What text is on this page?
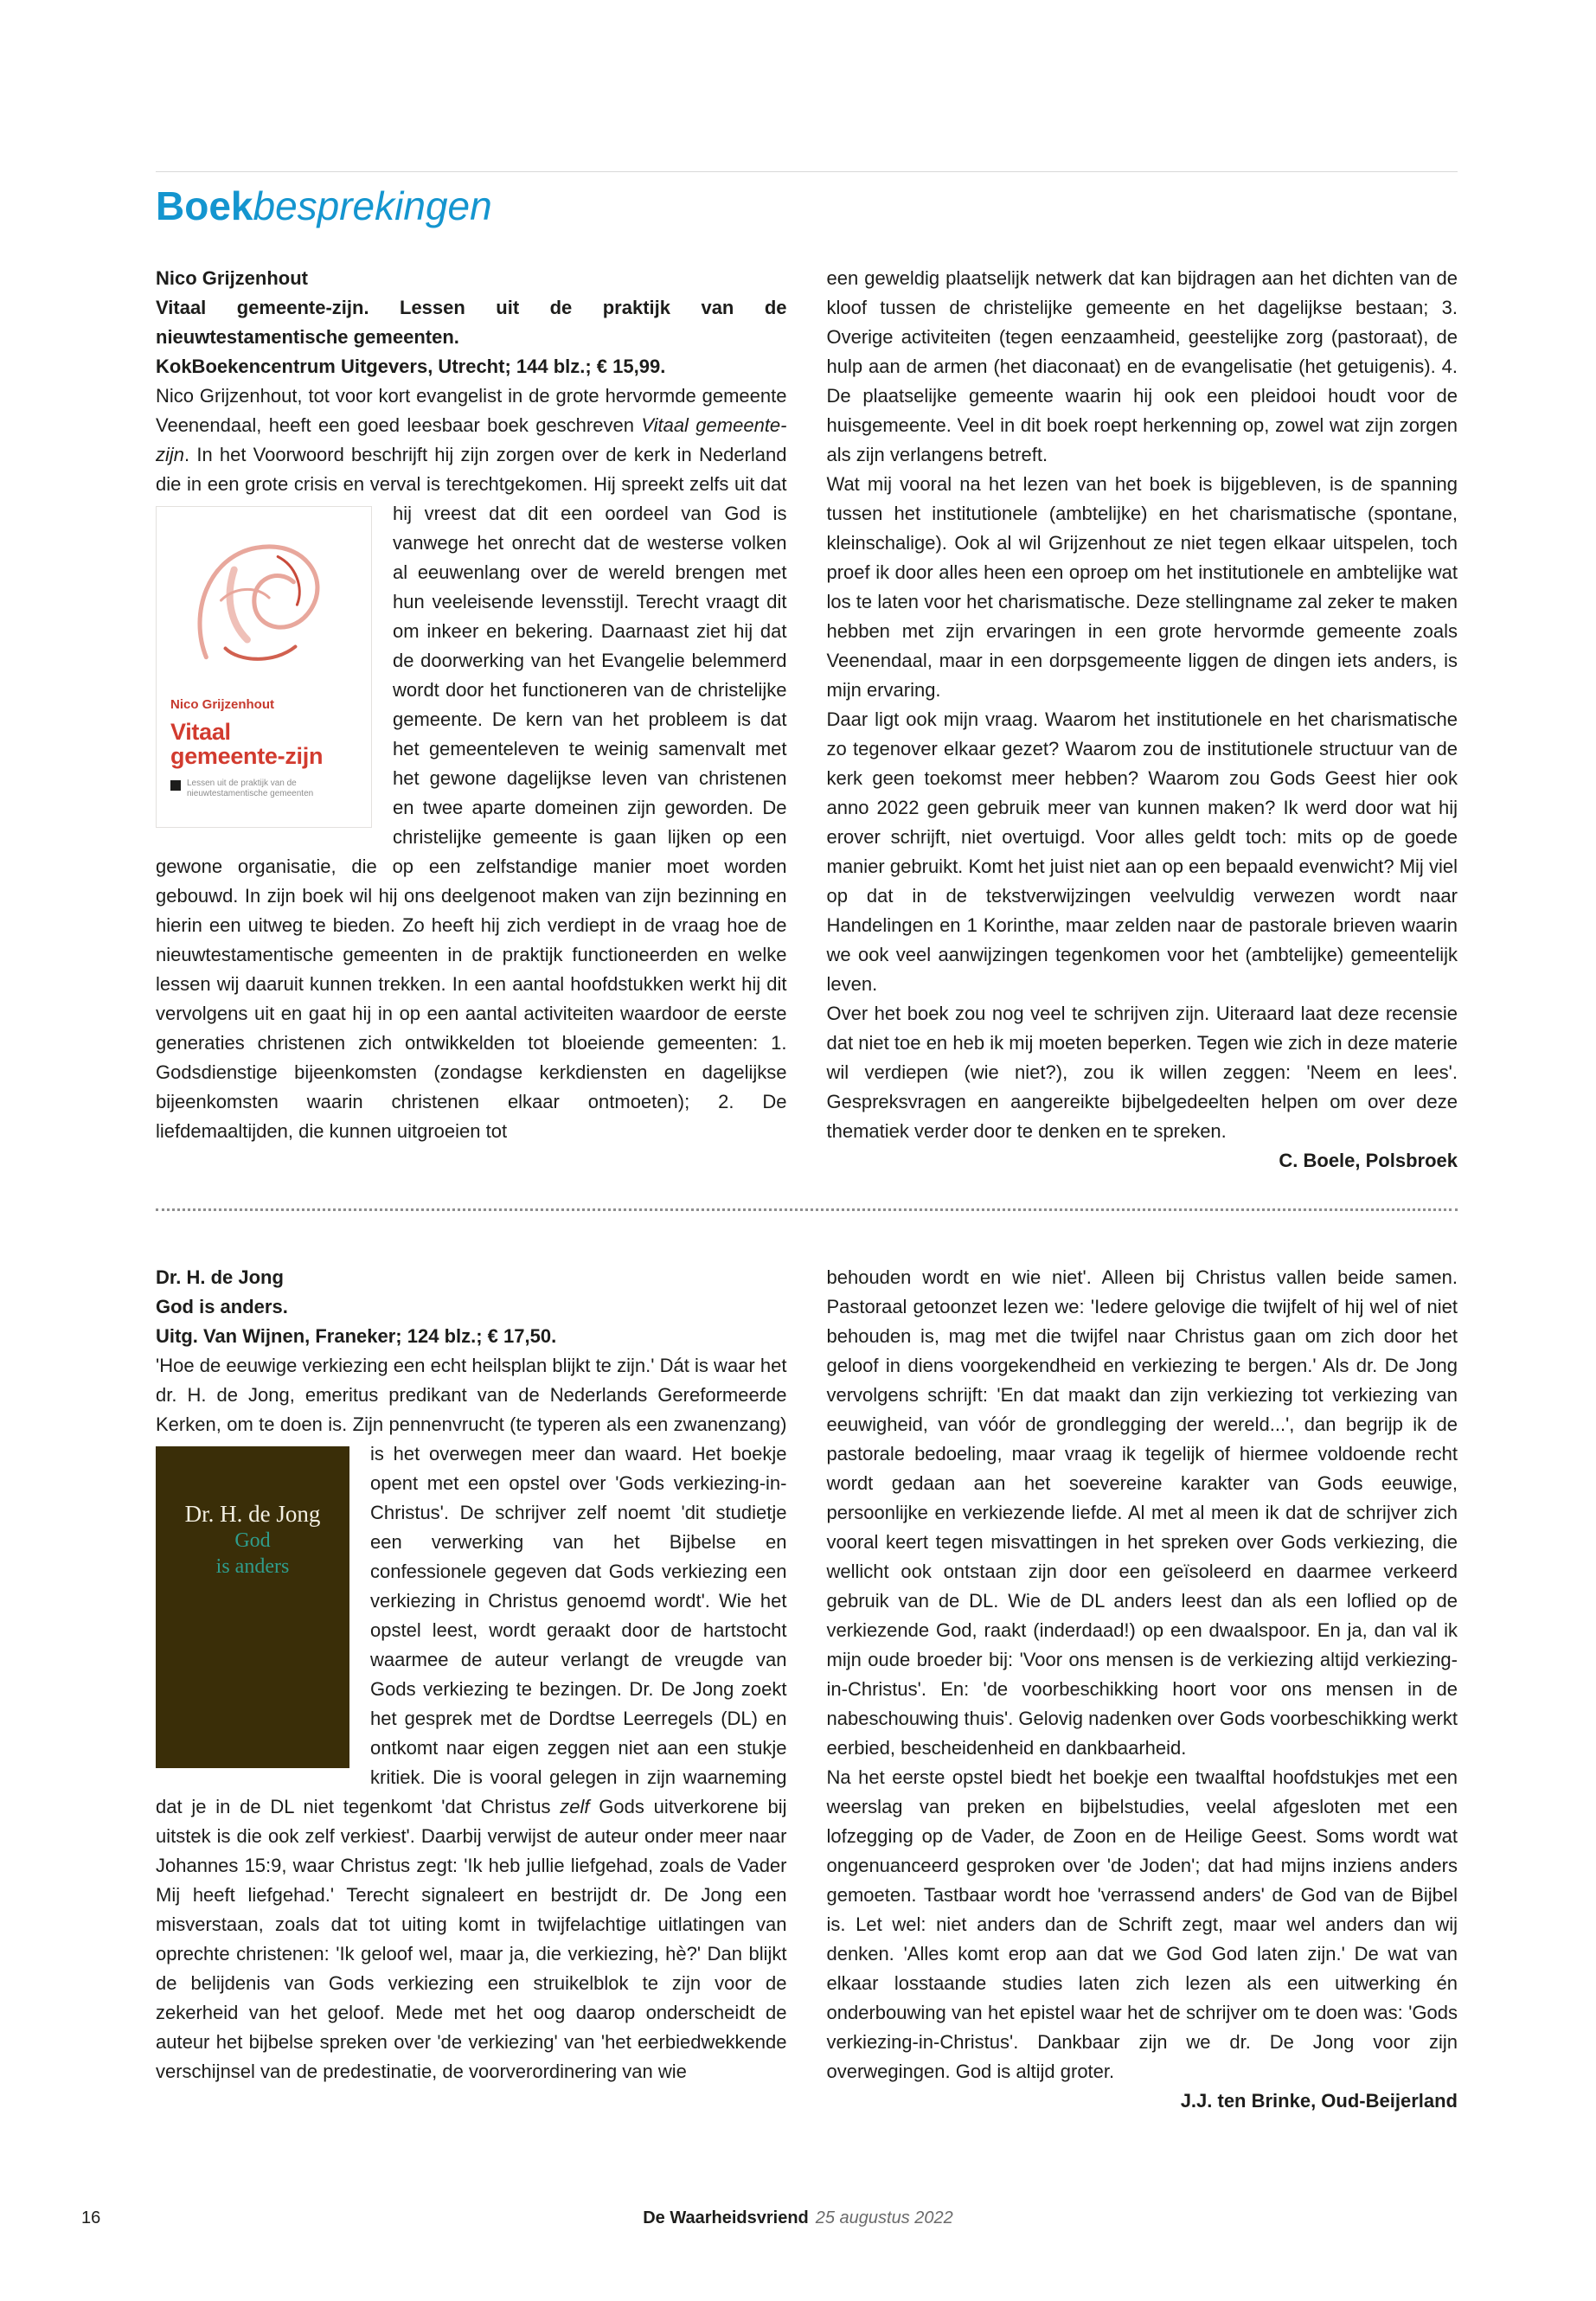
Boekbesprekingen

Nico Grijzenhout
Vitaal gemeente-zijn. Lessen uit de praktijk van de nieuwtestamentische gemeenten.
KokBoekencentrum Uitgevers, Utrecht; 144 blz.; € 15,99.

Nico Grijzenhout, tot voor kort evangelist in de grote hervormde gemeente Veenendaal, heeft een goed leesbaar boek geschreven Vitaal gemeente-zijn. In het Voorwoord beschrijft hij zijn zorgen over de kerk in Nederland die in een grote crisis en verval is terechtgekomen.
Nico Grijzenhout
Vitaal
gemeente-zijn
Lessen uit de praktijk van de nieuwtestamentische gemeenten
Hij spreekt zelfs uit dat hij vreest dat dit een oordeel van God is vanwege het onrecht dat de westerse volken al eeuwenlang over de wereld brengen met hun veeleisende levensstijl. Terecht vraagt dit om inkeer en bekering. Daarnaast ziet hij dat de doorwerking van het Evangelie belemmerd wordt door het functioneren van de christelijke gemeente. De kern van het probleem is dat het gemeenteleven te weinig samenvalt met het gewone dagelijkse leven van christenen en twee aparte domeinen zijn geworden. De christelijke gemeente is gaan lijken op een gewone organisatie, die op een zelfstandige manier moet worden gebouwd. In zijn boek wil hij ons deelgenoot maken van zijn bezinning en hierin een uitweg te bieden. Zo heeft hij zich verdiept in de vraag hoe de nieuwtestamentische gemeenten in de praktijk functioneerden en welke lessen wij daaruit kunnen trekken. In een aantal hoofdstukken werkt hij dit vervolgens uit en gaat hij in op een aantal activiteiten waardoor de eerste generaties christenen zich ontwikkelden tot bloeiende gemeenten: 1. Godsdienstige bijeenkomsten (zondagse kerkdiensten en dagelijkse bijeenkomsten waarin christenen elkaar ontmoeten); 2. De liefdemaaltijden, die kunnen uitgroeien tot

een geweldig plaatselijk netwerk dat kan bijdragen aan het dichten van de kloof tussen de christelijke gemeente en het dagelijkse bestaan; 3. Overige activiteiten (tegen eenzaamheid, geestelijke zorg (pastoraat), de hulp aan de armen (het diaconaat) en de evangelisatie (het getuigenis). 4. De plaatselijke gemeente waarin hij ook een pleidooi houdt voor de huisgemeente. Veel in dit boek roept herkenning op, zowel wat zijn zorgen als zijn verlangens betreft.

Wat mij vooral na het lezen van het boek is bijgebleven, is de spanning tussen het institutionele (ambtelijke) en het charismatische (spontane, kleinschalige). Ook al wil Grijzenhout ze niet tegen elkaar uitspelen, toch proef ik door alles heen een oproep om het institutionele en ambtelijke wat los te laten voor het charismatische. Deze stellingname zal zeker te maken hebben met zijn ervaringen in een grote hervormde gemeente zoals Veenendaal, maar in een dorpsgemeente liggen de dingen iets anders, is mijn ervaring.

Daar ligt ook mijn vraag. Waarom het institutionele en het charismatische zo tegenover elkaar gezet? Waarom zou de institutionele structuur van de kerk geen toekomst meer hebben? Waarom zou Gods Geest hier ook anno 2022 geen gebruik meer van kunnen maken? Ik werd door wat hij erover schrijft, niet overtuigd. Voor alles geldt toch: mits op de goede manier gebruikt. Komt het juist niet aan op een bepaald evenwicht? Mij viel op dat in de tekstverwijzingen veelvuldig verwezen wordt naar Handelingen en 1 Korinthe, maar zelden naar de pastorale brieven waarin we ook veel aanwijzingen tegenkomen voor het (ambtelijke) gemeentelijk leven.

Over het boek zou nog veel te schrijven zijn. Uiteraard laat deze recensie dat niet toe en heb ik mij moeten beperken. Tegen wie zich in deze materie wil verdiepen (wie niet?), zou ik willen zeggen: 'Neem en lees'. Gespreksvragen en aangereikte bijbelgedeelten helpen om over deze thematiek verder door te denken en te spreken.

C. Boele, Polsbroek

Dr. H. de Jong
God is anders.
Uitg. Van Wijnen, Franeker; 124 blz.; € 17,50.

'Hoe de eeuwige verkiezing een echt heilsplan blijkt te zijn.' Dát is waar het dr. H. de Jong, emeritus predikant van de Nederlands Gereformeerde Kerken, om te doen is. Zijn pennenvrucht (te typeren als een zwanenzang) is het overwegen meer dan waard.
Dr. H. de Jong
God
is anders
Het boekje opent met een opstel over 'Gods verkiezing-in-Christus'. De schrijver zelf noemt 'dit studietje een verwerking van het Bijbelse en confessionele gegeven dat Gods verkiezing een verkiezing in Christus genoemd wordt'. Wie het opstel leest, wordt geraakt door de hartstocht waarmee de auteur verlangt de vreugde van Gods verkiezing te bezingen. Dr. De Jong zoekt het gesprek met de Dordtse Leerregels (DL) en ontkomt naar eigen zeggen niet aan een stukje kritiek. Die is vooral gelegen in zijn waarneming dat je in de DL niet tegenkomt 'dat Christus zelf Gods uitverkorene bij uitstek is die ook zelf verkiest'. Daarbij verwijst de auteur onder meer naar Johannes 15:9, waar Christus zegt: 'Ik heb jullie liefgehad, zoals de Vader Mij heeft liefgehad.' Terecht signaleert en bestrijdt dr. De Jong een misverstaan, zoals dat tot uiting komt in twijfelachtige uitlatingen van oprechte christenen: 'Ik geloof wel, maar ja, die verkiezing, hè?' Dan blijkt de belijdenis van Gods verkiezing een struikelblok te zijn voor de zekerheid van het geloof. Mede met het oog daarop onderscheidt de auteur het bijbelse spreken over 'de verkiezing' van 'het eerbiedwekkende verschijnsel van de predestinatie, de voorverordinering van wie

behouden wordt en wie niet'. Alleen bij Christus vallen beide samen. Pastoraal getoonzet lezen we: 'Iedere gelovige die twijfelt of hij wel of niet behouden is, mag met die twijfel naar Christus gaan om zich door het geloof in diens voorgekendheid en verkiezing te bergen.' Als dr. De Jong vervolgens schrijft: 'En dat maakt dan zijn verkiezing tot verkiezing van eeuwigheid, van vóór de grondlegging der wereld...', dan begrijp ik de pastorale bedoeling, maar vraag ik tegelijk of hiermee voldoende recht wordt gedaan aan het soevereine karakter van Gods eeuwige, persoonlijke en verkiezende liefde. Al met al meen ik dat de schrijver zich vooral keert tegen misvattingen in het spreken over Gods verkiezing, die wellicht ook ontstaan zijn door een geïsoleerd en daarmee verkeerd gebruik van de DL. Wie de DL anders leest dan als een loflied op de verkiezende God, raakt (inderdaad!) op een dwaalspoor. En ja, dan val ik mijn oude broeder bij: 'Voor ons mensen is de verkiezing altijd verkiezing-in-Christus'. En: 'de voorbeschikking hoort voor ons mensen in de nabeschouwing thuis'. Gelovig nadenken over Gods voorbeschikking werkt eerbied, bescheidenheid en dankbaarheid.

Na het eerste opstel biedt het boekje een twaalftal hoofdstukjes met een weerslag van preken en bijbelstudies, veelal afgesloten met een lofzegging op de Vader, de Zoon en de Heilige Geest. Soms wordt wat ongenuanceerd gesproken over 'de Joden'; dat had mijns inziens anders gemoeten. Tastbaar wordt hoe 'verrassend anders' de God van de Bijbel is. Let wel: niet anders dan de Schrift zegt, maar wel anders dan wij denken. 'Alles komt erop aan dat we God God laten zijn.' De wat van elkaar losstaande studies laten zich lezen als een uitwerking én onderbouwing van het epistel waar het de schrijver om te doen was: 'Gods verkiezing-in-Christus'. Dankbaar zijn we dr. De Jong voor zijn overwegingen. God is altijd groter.

J.J. ten Brinke, Oud-Beijerland

16	De Waarheidsvriend 25 augustus 2022
